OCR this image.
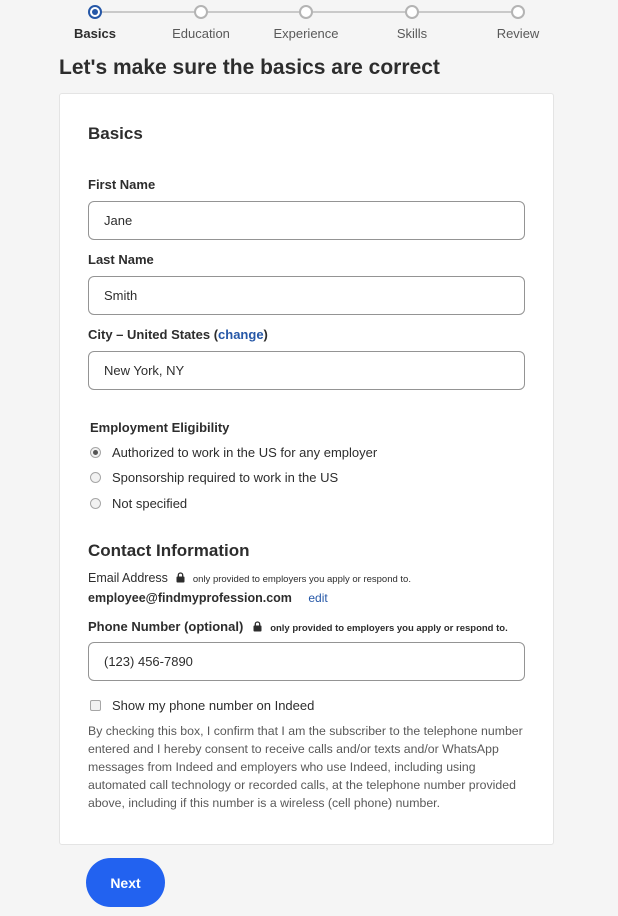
Basics	Education	Experience	Skills	Review
Let's make sure the basics are correct
Basics
First Name
Jane
Last Name
Smith
City – United States (change)
New York, NY
Employment Eligibility
Authorized to work in the US for any employer
Sponsorship required to work in the US
Not specified
Contact Information
Email Address	only provided to employers you apply or respond to.
employee@findmyprofession.com edit
Phone Number (optional)	only provided to employers you apply or respond to.
(123) 456-7890
Show my phone number on Indeed
By checking this box, I confirm that I am the subscriber to the telephone number entered and I hereby consent to receive calls and/or texts and/or WhatsApp messages from Indeed and employers who use Indeed, including using automated call technology or recorded calls, at the telephone number provided above, including if this number is a wireless (cell phone) number.
Next
